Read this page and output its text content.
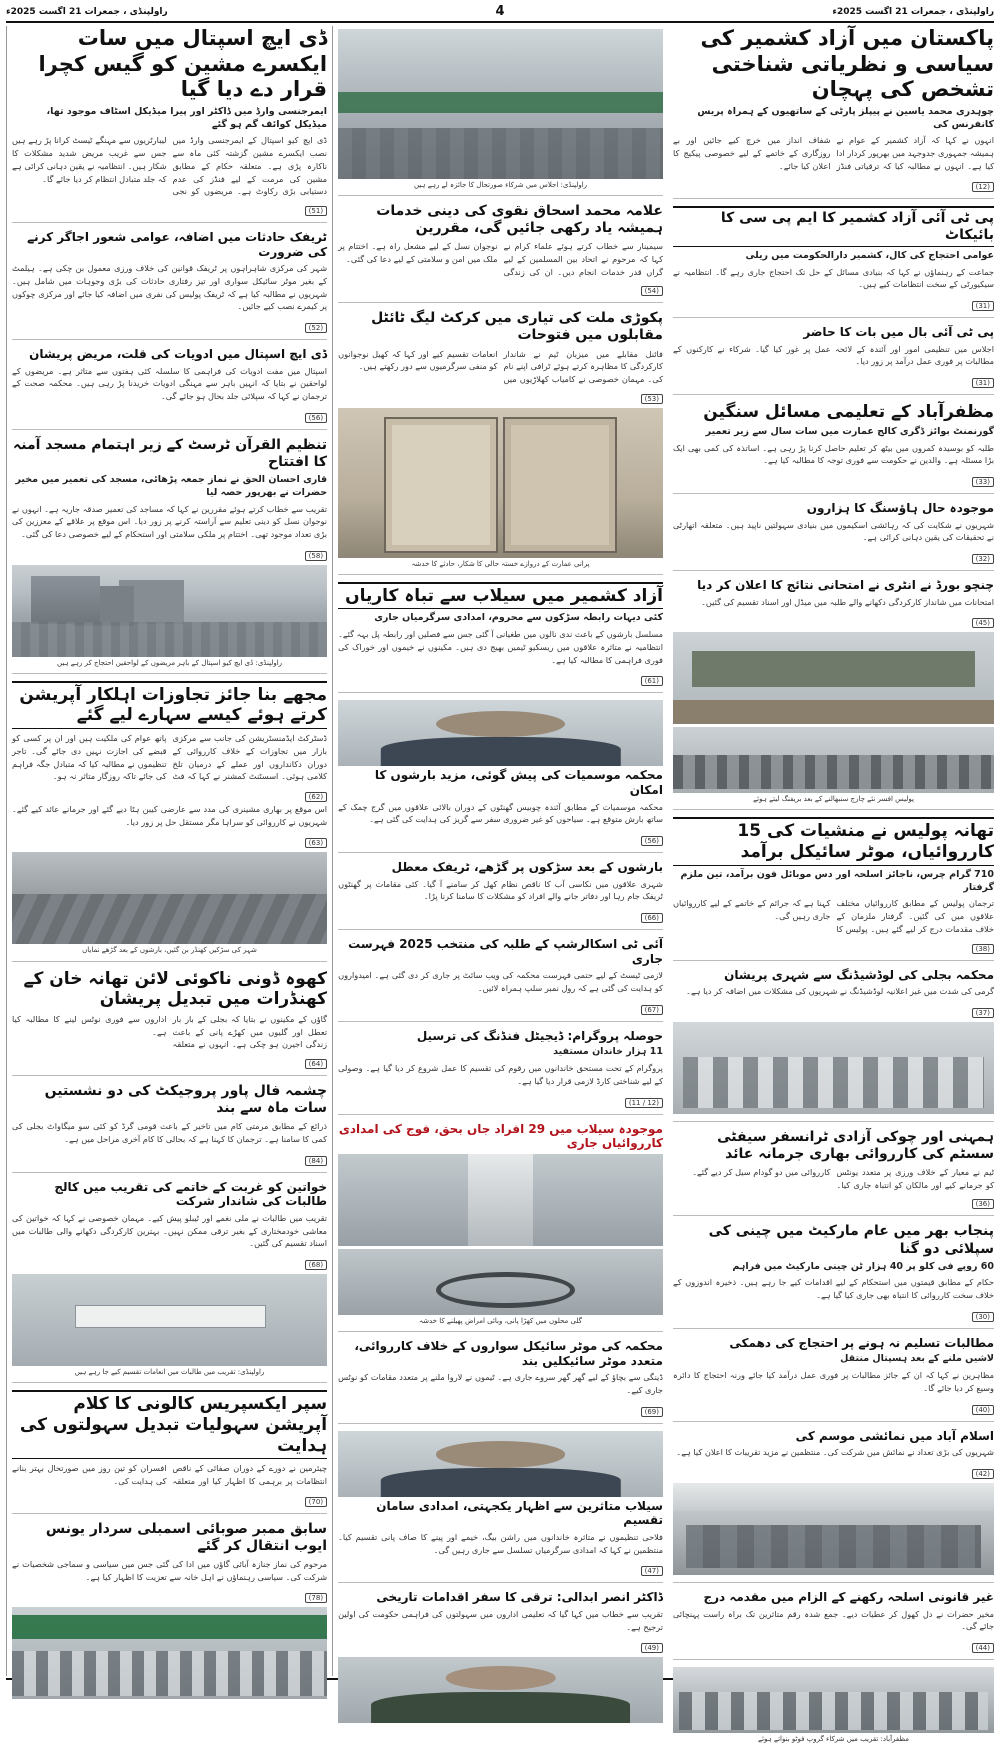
راولپنڈی ، جمعرات 21 اگست 2025ء
4
راولپنڈی ، جمعرات 21 اگست 2025ء
پاکستان میں آزاد کشمیر کی سیاسی و نظریاتی شناختی تشخص کی پہچان
چوہدری محمد یاسین نے پیپلز پارٹی کے ساتھیوں کے ہمراہ پریس کانفرنس کی

انہوں نے کہا کہ آزاد کشمیر کے عوام نے ہمیشہ جمہوری جدوجہد میں بھرپور کردار ادا کیا ہے۔ انہوں نے مطالبہ کیا کہ ترقیاتی فنڈز شفاف انداز میں خرچ کیے جائیں اور بے روزگاری کے خاتمے کے لیے خصوصی پیکیج کا اعلان کیا جائے۔

(12)
پی ٹی آئی آزاد کشمیر کا ایم پی سی کا بائیکاٹ
عوامی احتجاج کی کال، کشمیر دارالحکومت میں ریلی

جماعت کے رہنماؤں نے کہا کہ بنیادی مسائل کے حل تک احتجاج جاری رہے گا۔ انتظامیہ نے سیکیورٹی کے سخت انتظامات کیے ہیں۔

(31)
پی ٹی آئی بال میں بات کا حاضر

اجلاس میں تنظیمی امور اور آئندہ کے لائحہ عمل پر غور کیا گیا۔ شرکاء نے کارکنوں کے مطالبات پر فوری عمل درآمد پر زور دیا۔

(31)
مظفرآباد کے تعلیمی مسائل سنگین
گورنمنٹ بوائز ڈگری کالج عمارت میں سات سال سے زیر تعمیر

طلبہ کو بوسیدہ کمروں میں بیٹھ کر تعلیم حاصل کرنا پڑ رہی ہے۔ اساتذہ کی کمی بھی ایک بڑا مسئلہ ہے۔ والدین نے حکومت سے فوری توجہ کا مطالبہ کیا ہے۔

(33)
موجودہ حال ہاؤسنگ کا ہزاروں

شہریوں نے شکایت کی کہ رہائشی اسکیموں میں بنیادی سہولتیں ناپید ہیں۔ متعلقہ اتھارٹی نے تحقیقات کی یقین دہانی کرائی ہے۔

(32)
چنچو بورڈ نے انٹری نے امتحانی نتائج کا اعلان کر دیا

امتحانات میں شاندار کارکردگی دکھانے والے طلبہ میں میڈل اور اسناد تقسیم کی گئیں۔

(45)
پولیس افسر نئے چارج سنبھالنے کے بعد بریفنگ لیتے ہوئے
تھانہ پولیس نے منشیات کی 15 کارروائیاں، موٹر سائیکل برآمد
710 گرام چرس، ناجائز اسلحہ اور دس موبائل فون برآمد، تین ملزم گرفتار

ترجمان پولیس کے مطابق کارروائیاں مختلف علاقوں میں کی گئیں۔ گرفتار ملزمان کے خلاف مقدمات درج کر لیے گئے ہیں۔ پولیس کا کہنا ہے کہ جرائم کے خاتمے کے لیے کارروائیاں جاری رہیں گی۔

(38)
محکمہ بجلی کی لوڈشیڈنگ سے شہری پریشان

گرمی کی شدت میں غیر اعلانیہ لوڈشیڈنگ نے شہریوں کی مشکلات میں اضافہ کر دیا ہے۔

(37)
ہمہنی اور چوکی آزادی ٹرانسفر سیفٹی سسٹم کی کارروائی بھاری جرمانہ عائد

ٹیم نے معیار کے خلاف ورزی پر متعدد یونٹس کو جرمانے کیے اور مالکان کو انتباہ جاری کیا۔ کارروائی میں دو گودام سیل کر دیے گئے۔

(36)
پنجاب بھر میں عام مارکیٹ میں چینی کی سپلائی دو گنا
60 روپے فی کلو پر 40 ہزار ٹن چینی مارکیٹ میں فراہم

حکام کے مطابق قیمتوں میں استحکام کے لیے اقدامات کیے جا رہے ہیں۔ ذخیرہ اندوزوں کے خلاف سخت کارروائی کا انتباہ بھی جاری کیا گیا ہے۔

(30)
مطالبات تسلیم نہ ہونے پر احتجاج کی دھمکی
لاشیں ملنے کے بعد ہسپتال منتقل

مظاہرین نے کہا کہ ان کے جائز مطالبات پر فوری عمل درآمد کیا جائے ورنہ احتجاج کا دائرہ وسیع کر دیا جائے گا۔

(40)
اسلام آباد میں نمائشی موسم کی

شہریوں کی بڑی تعداد نے نمائش میں شرکت کی۔ منتظمین نے مزید تقریبات کا اعلان کیا ہے۔

(42)
غیر قانونی اسلحہ رکھنے کے الزام میں مقدمہ درج

مخیر حضرات نے دل کھول کر عطیات دیے۔ جمع شدہ رقم متاثرین تک براہ راست پہنچائی جائے گی۔

(44)
مظفرآباد: تقریب میں شرکاء گروپ فوٹو بنواتے ہوئے
راولپنڈی: اجلاس میں شرکاء صورتحال کا جائزہ لے رہے ہیں
علامہ محمد اسحاق نقوی کی دینی خدمات ہمیشہ یاد رکھی جائیں گی، مقررین

سیمینار سے خطاب کرتے ہوئے علماء کرام نے کہا کہ مرحوم نے اتحاد بین المسلمین کے لیے گراں قدر خدمات انجام دیں۔ ان کی زندگی نوجوان نسل کے لیے مشعل راہ ہے۔ اختتام پر ملک میں امن و سلامتی کے لیے دعا کی گئی۔

(54)
پکوڑی ملت کی تیاری میں کرکٹ لیگ ٹائٹل مقابلوں میں فتوحات

فائنل مقابلے میں میزبان ٹیم نے شاندار کارکردگی کا مظاہرہ کرتے ہوئے ٹرافی اپنے نام کی۔ مہمان خصوصی نے کامیاب کھلاڑیوں میں انعامات تقسیم کیے اور کہا کہ کھیل نوجوانوں کو منفی سرگرمیوں سے دور رکھتے ہیں۔

(53)
پرانی عمارت کے دروازے خستہ حالی کا شکار، حادثے کا خدشہ
آزاد کشمیر میں سیلاب سے تباہ کاریاں
کئی دیہات رابطہ سڑکوں سے محروم، امدادی سرگرمیاں جاری

مسلسل بارشوں کے باعث ندی نالوں میں طغیانی آ گئی جس سے فصلیں اور رابطہ پل بہہ گئے۔ انتظامیہ نے متاثرہ علاقوں میں ریسکیو ٹیمیں بھیج دی ہیں۔ مکینوں نے خیموں اور خوراک کی فوری فراہمی کا مطالبہ کیا ہے۔

(61)
محکمہ موسمیات کی پیش گوئی، مزید بارشوں کا امکان

محکمہ موسمیات کے مطابق آئندہ چوبیس گھنٹوں کے دوران بالائی علاقوں میں گرج چمک کے ساتھ بارش متوقع ہے۔ سیاحوں کو غیر ضروری سفر سے گریز کی ہدایت کی گئی ہے۔

(56)
بارشوں کے بعد سڑکوں پر گڑھے، ٹریفک معطل

شہری علاقوں میں نکاسی آب کا ناقص نظام کھل کر سامنے آ گیا۔ کئی مقامات پر گھنٹوں ٹریفک جام رہا اور دفاتر جانے والے افراد کو مشکلات کا سامنا کرنا پڑا۔

(66)
آئی ٹی اسکالرشپ کے طلبہ کی منتخب 2025 فہرست جاری

لازمی ٹیسٹ کے لیے حتمی فہرست محکمہ کی ویب سائٹ پر جاری کر دی گئی ہے۔ امیدواروں کو ہدایت کی گئی ہے کہ رول نمبر سلپ ہمراہ لائیں۔

(67)
حوصلہ پروگرام: ڈیجیٹل فنڈنگ کی ترسیل
11 ہزار خاندان مستفید

پروگرام کے تحت مستحق خاندانوں میں رقوم کی تقسیم کا عمل شروع کر دیا گیا ہے۔ وصولی کے لیے شناختی کارڈ لازمی قرار دیا گیا ہے۔

(12 / 11)
موجودہ سیلاب میں 29 افراد جاں بحق، فوج کی امدادی کارروائیاں جاری
گلی محلوں میں کھڑا پانی، وبائی امراض پھیلنے کا خدشہ
محکمہ کی موٹر سائیکل سواروں کے خلاف کارروائی، متعدد موٹر سائیکلیں بند

ڈینگی سے بچاؤ کے لیے گھر گھر سروے جاری ہے۔ ٹیموں نے لاروا ملنے پر متعدد مقامات کو نوٹس جاری کیے۔

(69)
سیلاب متاثرین سے اظہار یکجہتی، امدادی سامان تقسیم

فلاحی تنظیموں نے متاثرہ خاندانوں میں راشن بیگ، خیمے اور پینے کا صاف پانی تقسیم کیا۔ منتظمین نے کہا کہ امدادی سرگرمیاں تسلسل سے جاری رہیں گی۔

(47)
ڈاکٹر انصر ابدالی: ترقی کا سفر اقدامات تاریخی

تقریب سے خطاب میں کہا گیا کہ تعلیمی اداروں میں سہولتوں کی فراہمی حکومت کی اولین ترجیح ہے۔

(49)
ڈی ایچ اسپتال میں سات ایکسرے مشین کو گیس کچرا قرار دے دیا گیا
ایمرجنسی وارڈ میں ڈاکٹر اور پیرا میڈیکل اسٹاف موجود تھا، میڈیکل کوائف گم ہو گئے

ڈی ایچ کیو اسپتال کے ایمرجنسی وارڈ میں نصب ایکسرے مشین گزشتہ کئی ماہ سے ناکارہ پڑی ہے۔ متعلقہ حکام کے مطابق مشین کی مرمت کے لیے فنڈز کی عدم دستیابی بڑی رکاوٹ ہے۔ مریضوں کو نجی لیبارٹریوں سے مہنگے ٹیسٹ کرانا پڑ رہے ہیں جس سے غریب مریض شدید مشکلات کا شکار ہیں۔ انتظامیہ نے یقین دہانی کرائی ہے کہ جلد متبادل انتظام کر دیا جائے گا۔

(51)
ٹریفک حادثات میں اضافہ، عوامی شعور اجاگر کرنے کی ضرورت

شہر کی مرکزی شاہراہوں پر ٹریفک قوانین کی خلاف ورزی معمول بن چکی ہے۔ ہیلمٹ کے بغیر موٹر سائیکل سواری اور تیز رفتاری حادثات کی بڑی وجوہات میں شامل ہیں۔ شہریوں نے مطالبہ کیا ہے کہ ٹریفک پولیس کی نفری میں اضافہ کیا جائے اور مرکزی چوکوں پر کیمرے نصب کیے جائیں۔

(52)
ڈی ایچ اسپتال میں ادویات کی قلت، مریض پریشان

اسپتال میں مفت ادویات کی فراہمی کا سلسلہ کئی ہفتوں سے متاثر ہے۔ مریضوں کے لواحقین نے بتایا کہ انہیں باہر سے مہنگی ادویات خریدنا پڑ رہی ہیں۔ محکمہ صحت کے ترجمان نے کہا کہ سپلائی جلد بحال ہو جائے گی۔

(56)
تنظیم القرآن ٹرسٹ کے زیر اہتمام مسجد آمنہ کا افتتاح
قاری احسان الحق نے نماز جمعہ پڑھائی، مسجد کی تعمیر میں مخیر حضرات نے بھرپور حصہ لیا

تقریب سے خطاب کرتے ہوئے مقررین نے کہا کہ مساجد کی تعمیر صدقہ جاریہ ہے۔ انہوں نے نوجوان نسل کو دینی تعلیم سے آراستہ کرنے پر زور دیا۔ اس موقع پر علاقے کے معززین کی بڑی تعداد موجود تھی۔ اختتام پر ملکی سلامتی اور استحکام کے لیے خصوصی دعا کی گئی۔

(58)
راولپنڈی: ڈی ایچ کیو اسپتال کے باہر مریضوں کے لواحقین احتجاج کر رہے ہیں
مجھے بنا جائز تجاوزات اہلکار آپریشن کرتے ہوئے کیسے سہارے لیے گئے

ڈسٹرکٹ ایڈمنسٹریشن کی جانب سے مرکزی بازار میں تجاوزات کے خلاف کارروائی کے دوران دکانداروں اور عملے کے درمیان تلخ کلامی ہوئی۔ اسسٹنٹ کمشنر نے کہا کہ فٹ پاتھ عوام کی ملکیت ہیں اور ان پر کسی کو قبضے کی اجازت نہیں دی جائے گی۔ تاجر تنظیموں نے مطالبہ کیا کہ متبادل جگہ فراہم کی جائے تاکہ روزگار متاثر نہ ہو۔

(62)

اس موقع پر بھاری مشینری کی مدد سے عارضی کیبن ہٹا دیے گئے اور جرمانے عائد کیے گئے۔ شہریوں نے کارروائی کو سراہا مگر مستقل حل پر زور دیا۔

(63)
شہر کی سڑکیں کھنڈر بن گئیں، بارشوں کے بعد گڑھے نمایاں
کھوہ ڈونی ناکوئی لائن تھانہ خان کے کھنڈرات میں تبدیل پریشان

گاؤں کے مکینوں نے بتایا کہ بجلی کے بار بار تعطل اور گلیوں میں کھڑے پانی کے باعث زندگی اجیرن ہو چکی ہے۔ انہوں نے متعلقہ اداروں سے فوری نوٹس لینے کا مطالبہ کیا ہے۔

(64)
چشمہ فال پاور پروجیکٹ کی دو نشستیں سات ماہ سے بند

ذرائع کے مطابق مرمتی کام میں تاخیر کے باعث قومی گرڈ کو کئی سو میگاواٹ بجلی کی کمی کا سامنا ہے۔ ترجمان کا کہنا ہے کہ بحالی کا کام آخری مراحل میں ہے۔

(84)
خواتین کو غربت کے خاتمے کی تقریب میں کالج طالبات کی شاندار شرکت

تقریب میں طالبات نے ملی نغمے اور ٹیبلو پیش کیے۔ مہمان خصوصی نے کہا کہ خواتین کی معاشی خودمختاری کے بغیر ترقی ممکن نہیں۔ بہترین کارکردگی دکھانے والی طالبات میں اسناد تقسیم کی گئیں۔

(68)
راولپنڈی: تقریب میں طالبات میں انعامات تقسیم کیے جا رہے ہیں
سپر ایکسپریس کالونی کا کلام آپریشن سہولیات تبدیل سہولتوں کی ہدایت

چیئرمین نے دورے کے دوران صفائی کے ناقص انتظامات پر برہمی کا اظہار کیا اور متعلقہ افسران کو تین روز میں صورتحال بہتر بنانے کی ہدایت کی۔

(70)
سابق ممبر صوبائی اسمبلی سردار یونس ایوب انتقال کر گئے

مرحوم کی نماز جنازہ آبائی گاؤں میں ادا کی گئی جس میں سیاسی و سماجی شخصیات نے شرکت کی۔ سیاسی رہنماؤں نے اہل خانہ سے تعزیت کا اظہار کیا ہے۔

(78)
